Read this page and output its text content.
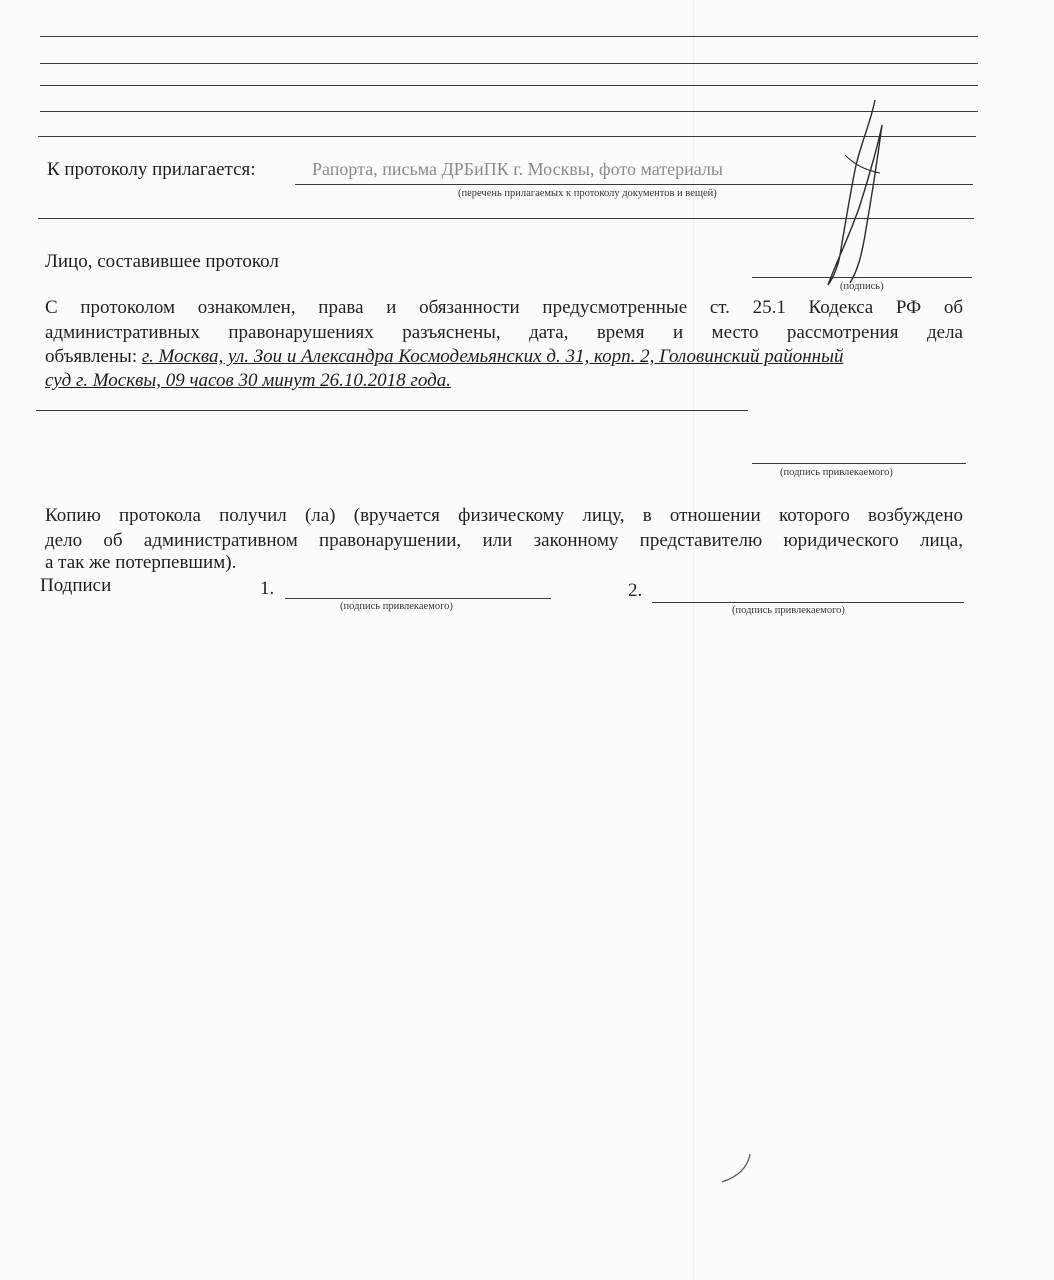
К протоколу прилагается:	Рапорта, письма ДРБиПК г. Москвы, фото материалы
(перечень прилагаемых к протоколу документов и вещей)
Лицо, составившее протокол
(подпись)
С протоколом ознакомлен, права и обязанности предусмотренные ст. 25.1 Кодекса РФ об
административных правонарушениях разъяснены, дата, время и место рассмотрения дела
объявлены: г. Москва, ул. Зои и Александра Космодемьянских д. 31, корп. 2, Головинский районный
суд г. Москвы, 09 часов 30 минут 26.10.2018 года.
(подпись привлекаемого)
Копию протокола получил (ла) (вручается физическому лицу, в отношении которого возбуждено
дело об административном правонарушении, или законному представителю юридического лица,
а так же потерпевшим).
Подписи	1.
(подпись привлекаемого)
2.
(подпись привлекаемого)
